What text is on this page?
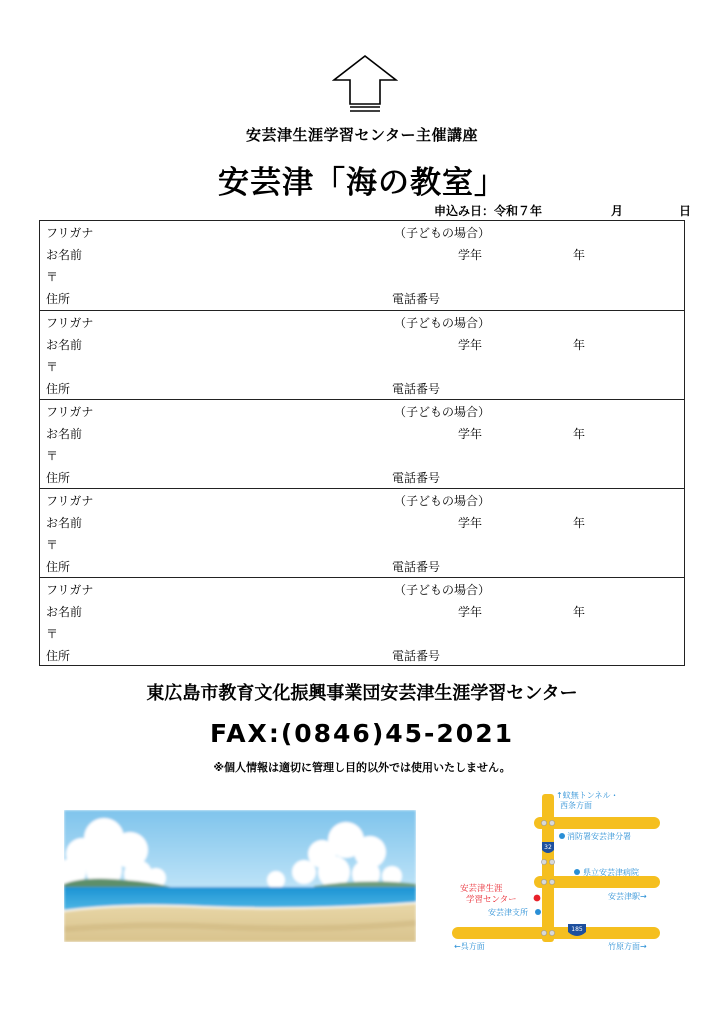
安芸津生涯学習センター主催講座
安芸津「海の教室」
申込み日：令和７年	月	日
フリガナ	（子どもの場合）
お名前	学年	年
〒
住所	電話番号
フリガナ	（子どもの場合）
お名前	学年	年
〒
住所	電話番号
フリガナ	（子どもの場合）
お名前	学年	年
〒
住所	電話番号
フリガナ	（子どもの場合）
お名前	学年	年
〒
住所	電話番号
フリガナ	（子どもの場合）
お名前	学年	年
〒
住所	電話番号
東広島市教育文化振興事業団安芸津生涯学習センター
FAX:(0846)45-2021
※個人情報は適切に管理し目的以外では使用いたしません。
32
185
↑蚊無トンネル・
西条方面
消防署安芸津分署
県立安芸津病院
安芸津駅→
安芸津支所
←呉方面	竹原方面→
安芸津生涯
学習センター
